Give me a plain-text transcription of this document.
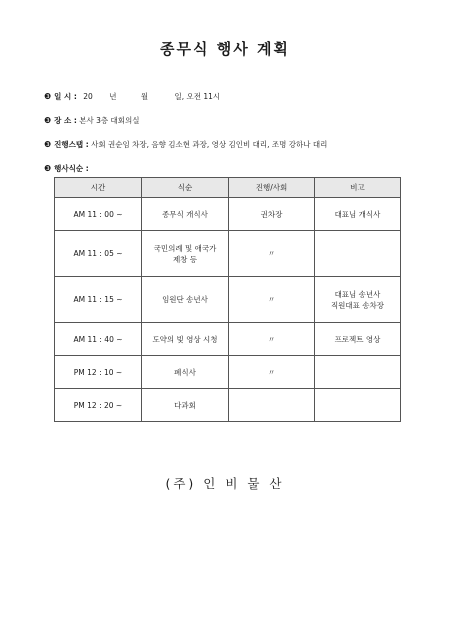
종무식 행사 계획
❸ 일 시 : 20 년	월	일, 오전 11시
❸ 장 소 : 본사 3층 대회의실
❸ 진행스탭 : 사회 권순임 차장, 음향 김소현 과장, 영상 김인비 대리, 조명 강하나 대리
❸ 행사식순 :
시간	식순	진행/사회	비고
AM 11 : 00 ~	종무식 개식사	권차장	대표님 개식사
AM 11 : 05 ~	국민의례 및 애국가
제창 등	〃	
AM 11 : 15 ~	임원단 송년사	〃	대표님 송년사
직원대표 송차장
AM 11 : 40 ~	도약의 빛 영상 시청	〃	프로젝트 영상
PM 12 : 10 ~	폐식사	〃	
PM 12 : 20 ~	다과회		
(주) 인 비 물 산
